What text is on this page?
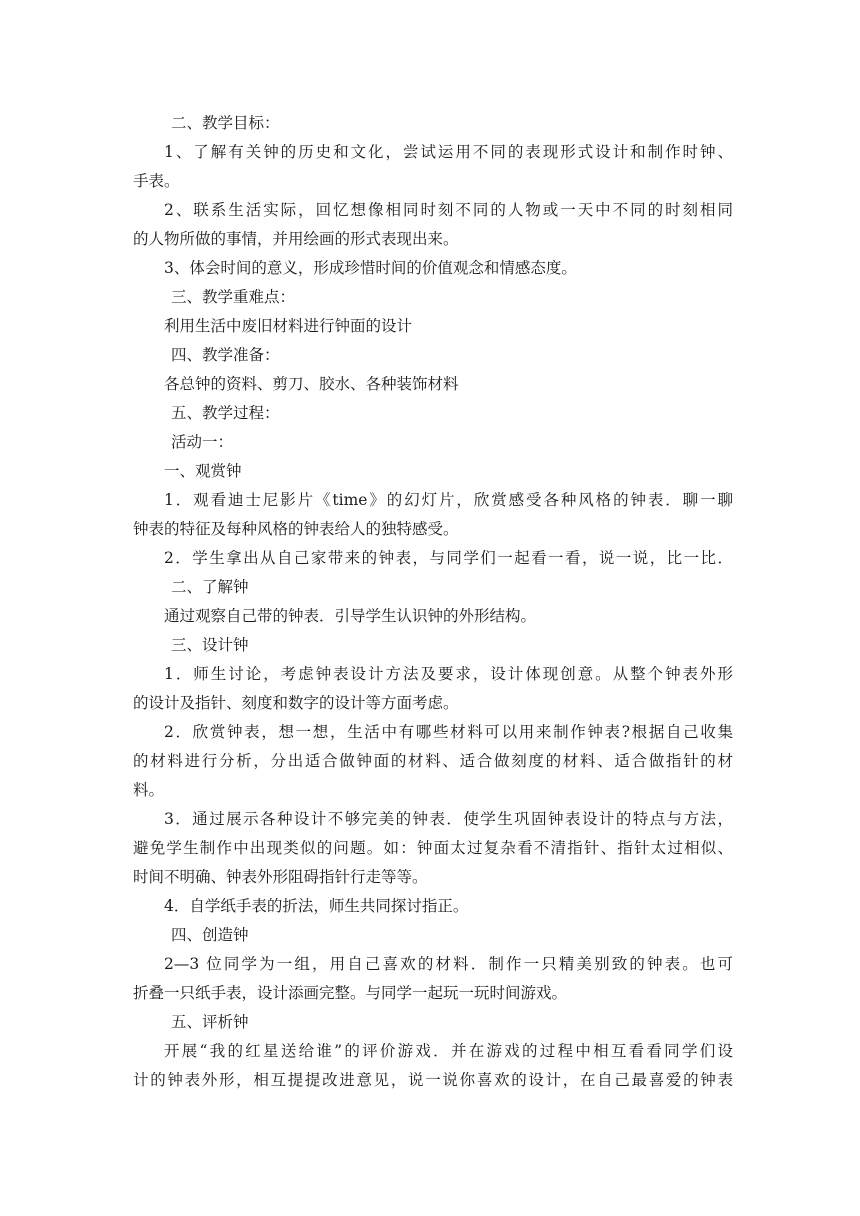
二、教学目标：
1、了解有关钟的历史和文化，尝试运用不同的表现形式设计和制作时钟、
手表。
2、联系生活实际，回忆想像相同时刻不同的人物或一天中不同的时刻相同
的人物所做的事情，并用绘画的形式表现出来。
3、体会时间的意义，形成珍惜时间的价值观念和情感态度。
三、教学重难点：
利用生活中废旧材料进行钟面的设计
四、教学准备：
各总钟的资料、剪刀、胶水、各种装饰材料
五、教学过程：
活动一：
一、观赏钟
1．观看迪士尼影片《time》的幻灯片，欣赏感受各种风格的钟表．聊一聊
钟表的特征及每种风格的钟表给人的独特感受。
2．学生拿出从自己家带来的钟表，与同学们一起看一看，说一说，比一比．
二、了解钟
通过观察自己带的钟表．引导学生认识钟的外形结构。
三、设计钟
1．师生讨论，考虑钟表设计方法及要求，设计体现创意。从整个钟表外形
的设计及指针、刻度和数字的设计等方面考虑。
2．欣赏钟表，想一想，生活中有哪些材料可以用来制作钟表?根据自己收集
的材料进行分析，分出适合做钟面的材料、适合做刻度的材料、适合做指针的材
料。
3．通过展示各种设计不够完美的钟表．使学生巩固钟表设计的特点与方法，
避免学生制作中出现类似的问题。如：钟面太过复杂看不清指针、指针太过相似、
时间不明确、钟表外形阻碍指针行走等等。
4．自学纸手表的折法，师生共同探讨指正。
四、创造钟
2—3 位同学为一组，用自己喜欢的材料．制作一只精美别致的钟表。也可
折叠一只纸手表，设计添画完整。与同学一起玩一玩时间游戏。
五、评析钟
开展“我的红星送给谁”的评价游戏．并在游戏的过程中相互看看同学们设
计的钟表外形，相互提提改进意见，说一说你喜欢的设计，在自己最喜爱的钟表
